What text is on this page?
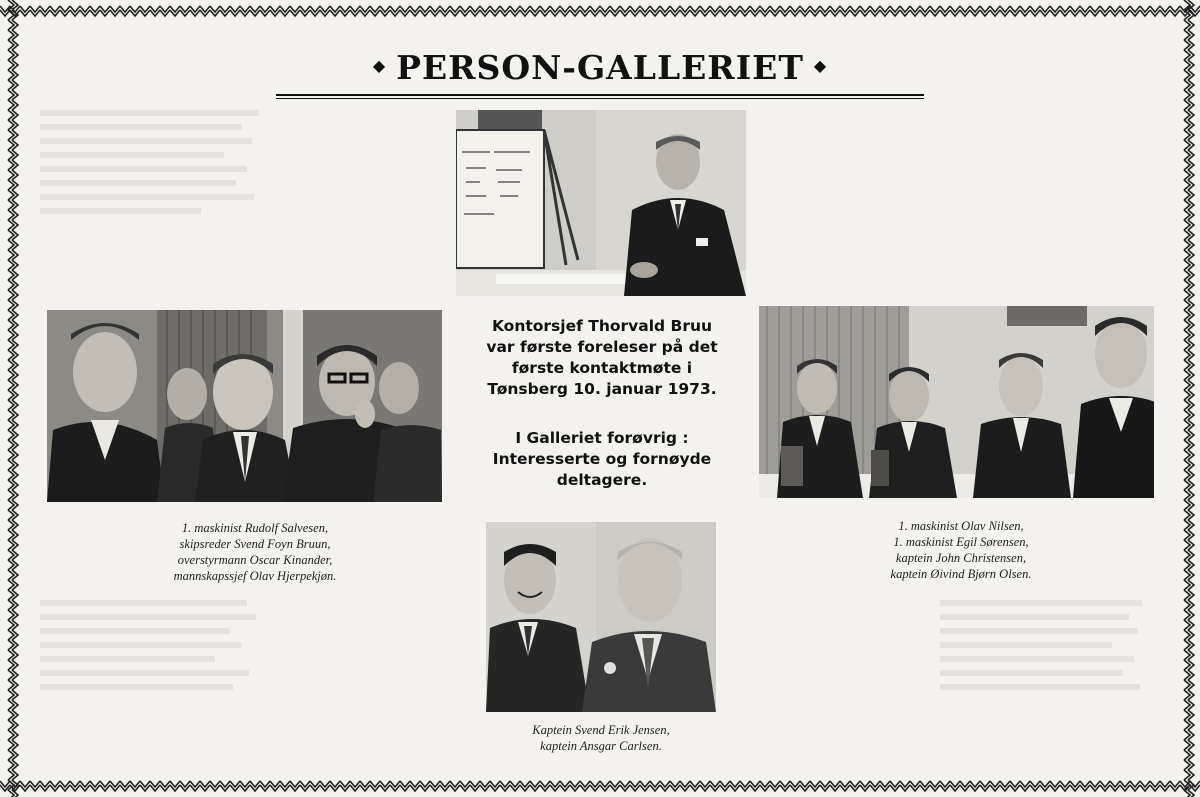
◆ PERSON-GALLERIET ◆
Kontorsjef Thorvald Bruu
var første foreleser på det
første kontaktmøte i
Tønsberg 10. januar 1973.
I Galleriet forøvrig :
Interesserte og fornøyde
deltagere.
1. maskinist Rudolf Salvesen,
skipsreder Svend Foyn Bruun,
overstyrmann Oscar Kinander,
mannskapssjef Olav Hjerpekjøn.
1. maskinist Olav Nilsen,
1. maskinist Egil Sørensen,
kaptein John Christensen,
kaptein Øivind Bjørn Olsen.
Kaptein Svend Erik Jensen,
kaptein Ansgar Carlsen.
